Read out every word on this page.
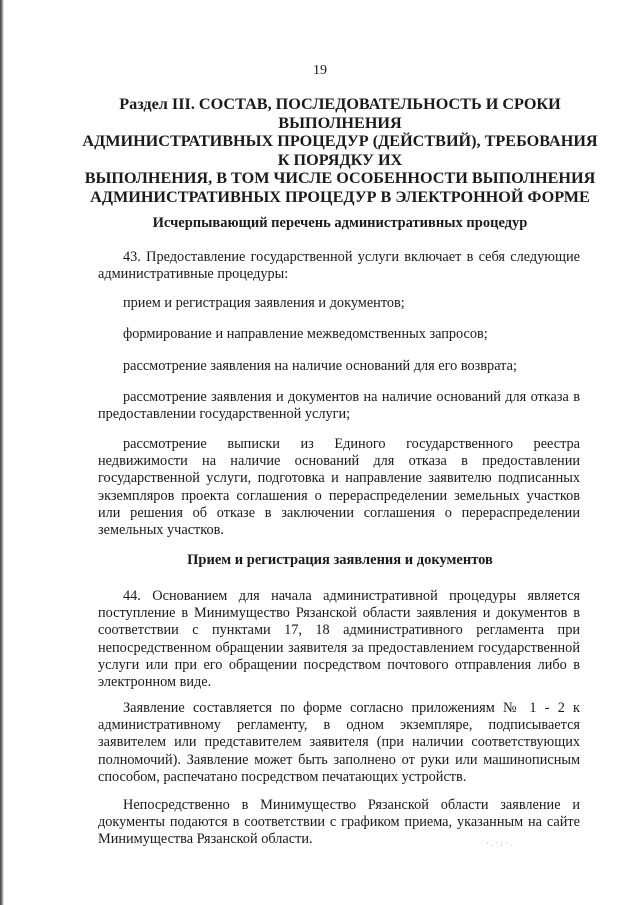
19
Раздел III. СОСТАВ, ПОСЛЕДОВАТЕЛЬНОСТЬ И СРОКИ
ВЫПОЛНЕНИЯ
АДМИНИСТРАТИВНЫХ ПРОЦЕДУР (ДЕЙСТВИЙ), ТРЕБОВАНИЯ
К ПОРЯДКУ ИХ
ВЫПОЛНЕНИЯ, В ТОМ ЧИСЛЕ ОСОБЕННОСТИ ВЫПОЛНЕНИЯ
АДМИНИСТРАТИВНЫХ ПРОЦЕДУР В ЭЛЕКТРОННОЙ ФОРМЕ
Исчерпывающий перечень административных процедур
43. Предоставление государственной услуги включает в себя следующие административные процедуры:
прием и регистрация заявления и документов;
формирование и направление межведомственных запросов;
рассмотрение заявления на наличие оснований для его возврата;
рассмотрение заявления и документов на наличие оснований для отказа в предоставлении государственной услуги;
рассмотрение выписки из Единого государственного реестра недвижимости на наличие оснований для отказа в предоставлении государственной услуги, подготовка и направление заявителю подписанных экземпляров проекта соглашения о перераспределении земельных участков или решения об отказе в заключении соглашения о перераспределении земельных участков.
Прием и регистрация заявления и документов
44. Основанием для начала административной процедуры является поступление в Минимущество Рязанской области заявления и документов в соответствии с пунктами 17, 18 административного регламента при непосредственном обращении заявителя за предоставлением государственной услуги или при его обращении посредством почтового отправления либо в электронном виде.
Заявление составляется по форме согласно приложениям № 1 - 2 к административному регламенту, в одном экземпляре, подписывается заявителем или представителем заявителя (при наличии соответствующих полномочий). Заявление может быть заполнено от руки или машинописным способом, распечатано посредством печатающих устройств.
Непосредственно в Минимущество Рязанской области заявление и документы подаются в соответствии с графиком приема, указанным на сайте Минимущества Рязанской области.	·.·:·.
